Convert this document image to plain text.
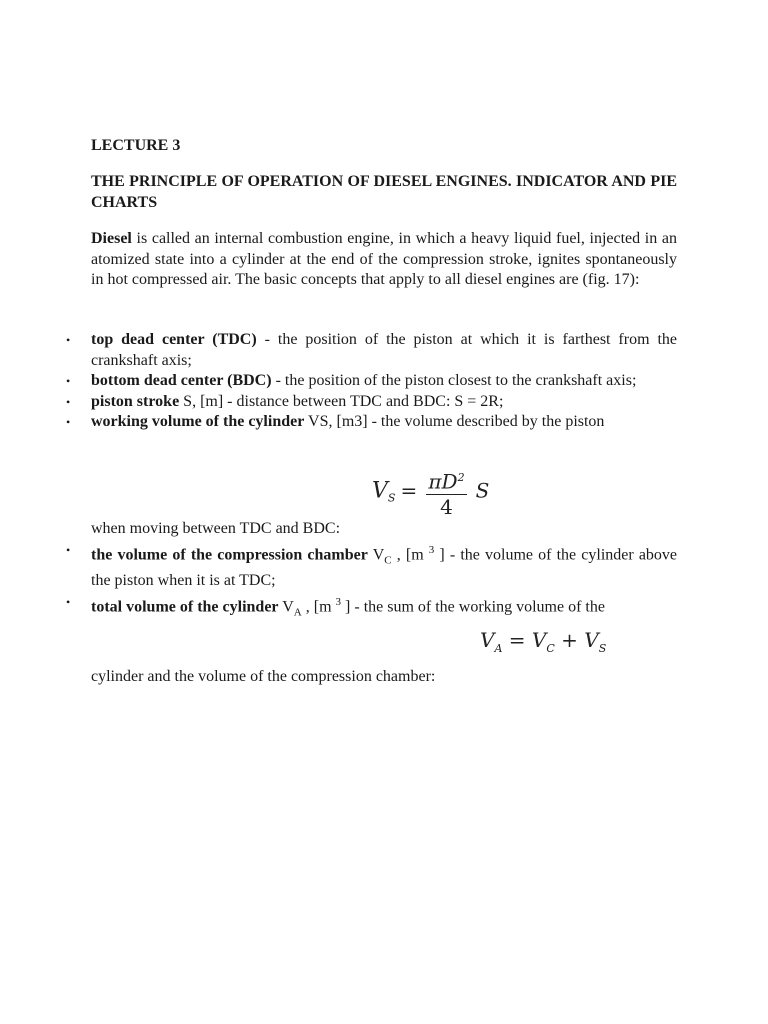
LECTURE 3

THE PRINCIPLE OF OPERATION OF DIESEL ENGINES. INDICATOR AND PIE CHARTS

Diesel is called an internal combustion engine, in which a heavy liquid fuel, injected in an atomized state into a cylinder at the end of the compression stroke, ignites spontaneously in hot compressed air. The basic concepts that apply to all diesel engines are (fig. 17):

• top dead center (TDC) - the position of the piston at which it is farthest from the crankshaft axis;
• bottom dead center (BDC) - the position of the piston closest to the crankshaft axis;
• piston stroke S, [m] - distance between TDC and BDC: S = 2R;
• working volume of the cylinder VS, [m3] - the volume described by the piston
$V_S = \frac{\pi D^2}{4}$ S

when moving between TDC and BDC:

• the volume of the compression chamber $V_C$ , [m $^3$ ] - the volume of the cylinder above the piston when it is at TDC;
• total volume of the cylinder $V_A$ , [m $^3$ ] - the sum of the working volume of the
$V_A = V_C + V_S$

cylinder and the volume of the compression chamber:
